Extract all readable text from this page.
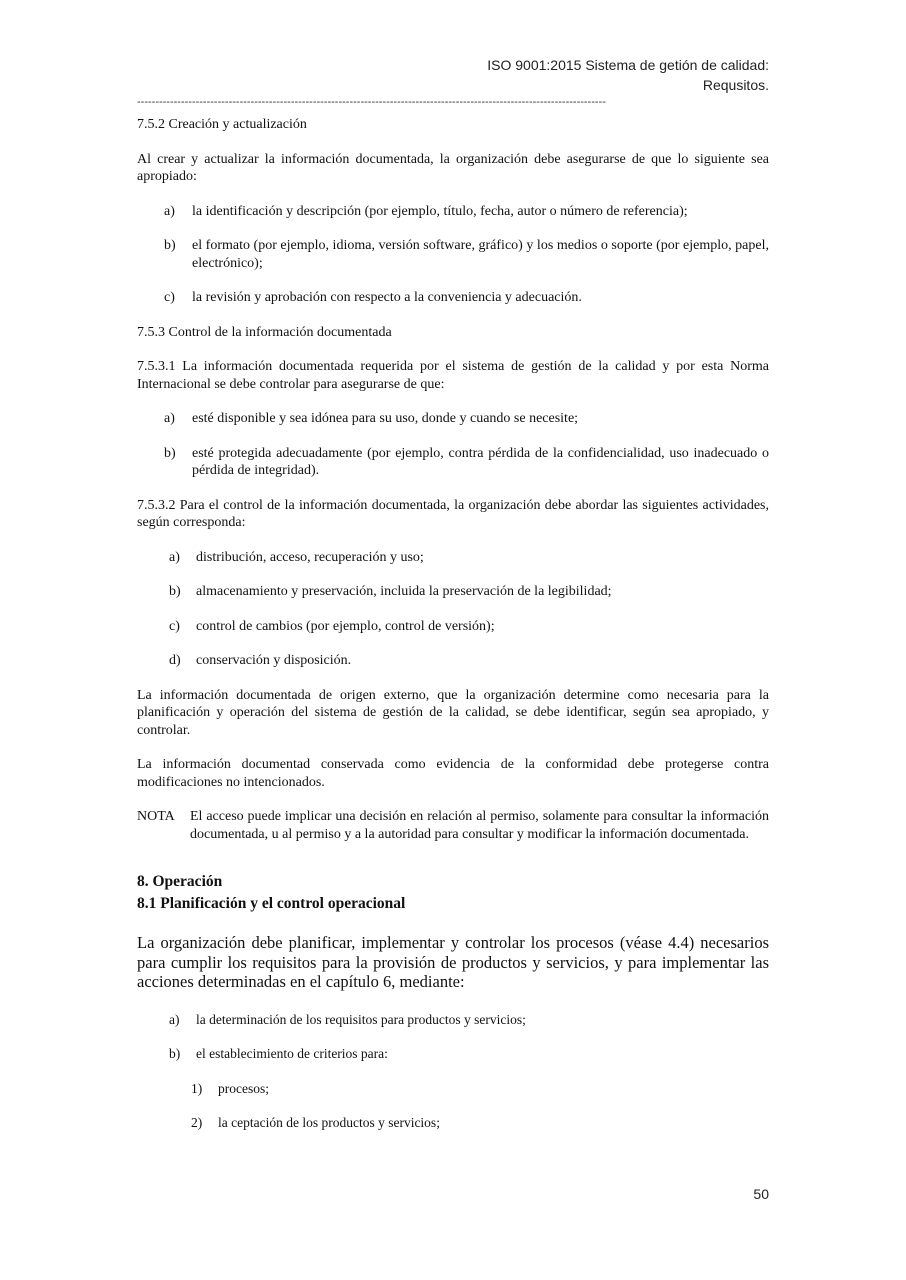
ISO 9001:2015 Sistema de getión de calidad:
Requsitos.
--------------------------------------------------------------------------------------------------------------------------------

7.5.2 Creación y actualización

Al crear y actualizar la información documentada, la organización debe asegurarse de que lo siguiente sea apropiado:

a) la identificación y descripción (por ejemplo, título, fecha, autor o número de referencia);
b) el formato (por ejemplo, idioma, versión software, gráfico) y los medios o soporte (por ejemplo, papel, electrónico);
c) la revisión y aprobación con respecto a la conveniencia y adecuación.

7.5.3 Control de la información documentada

7.5.3.1 La información documentada requerida por el sistema de gestión de la calidad y por esta Norma Internacional se debe controlar para asegurarse de que:

a) esté disponible y sea idónea para su uso, donde y cuando se necesite;
b) esté protegida adecuadamente (por ejemplo, contra pérdida de la confidencialidad, uso inadecuado o pérdida de integridad).

7.5.3.2 Para el control de la información documentada, la organización debe abordar las siguientes actividades, según corresponda:

a) distribución, acceso, recuperación y uso;
b) almacenamiento y preservación, incluida la preservación de la legibilidad;
c) control de cambios (por ejemplo, control de versión);
d) conservación y disposición.

La información documentada de origen externo, que la organización determine como necesaria para la planificación y operación del sistema de gestión de la calidad, se debe identificar, según sea apropiado, y controlar.

La información documentad conservada como evidencia de la conformidad debe protegerse contra modificaciones no intencionados.

NOTA El acceso puede implicar una decisión en relación al permiso, solamente para consultar la información documentada, u al permiso y a la autoridad para consultar y modificar la información documentada.

8. Operación

8.1 Planificación y el control operacional

La organización debe planificar, implementar y controlar los procesos (véase 4.4) necesarios para cumplir los requisitos para la provisión de productos y servicios, y para implementar las acciones determinadas en el capítulo 6, mediante:

a) la determinación de los requisitos para productos y servicios;
b) el establecimiento de criterios para:
1) procesos;
2) la ceptación de los productos y servicios;
50
